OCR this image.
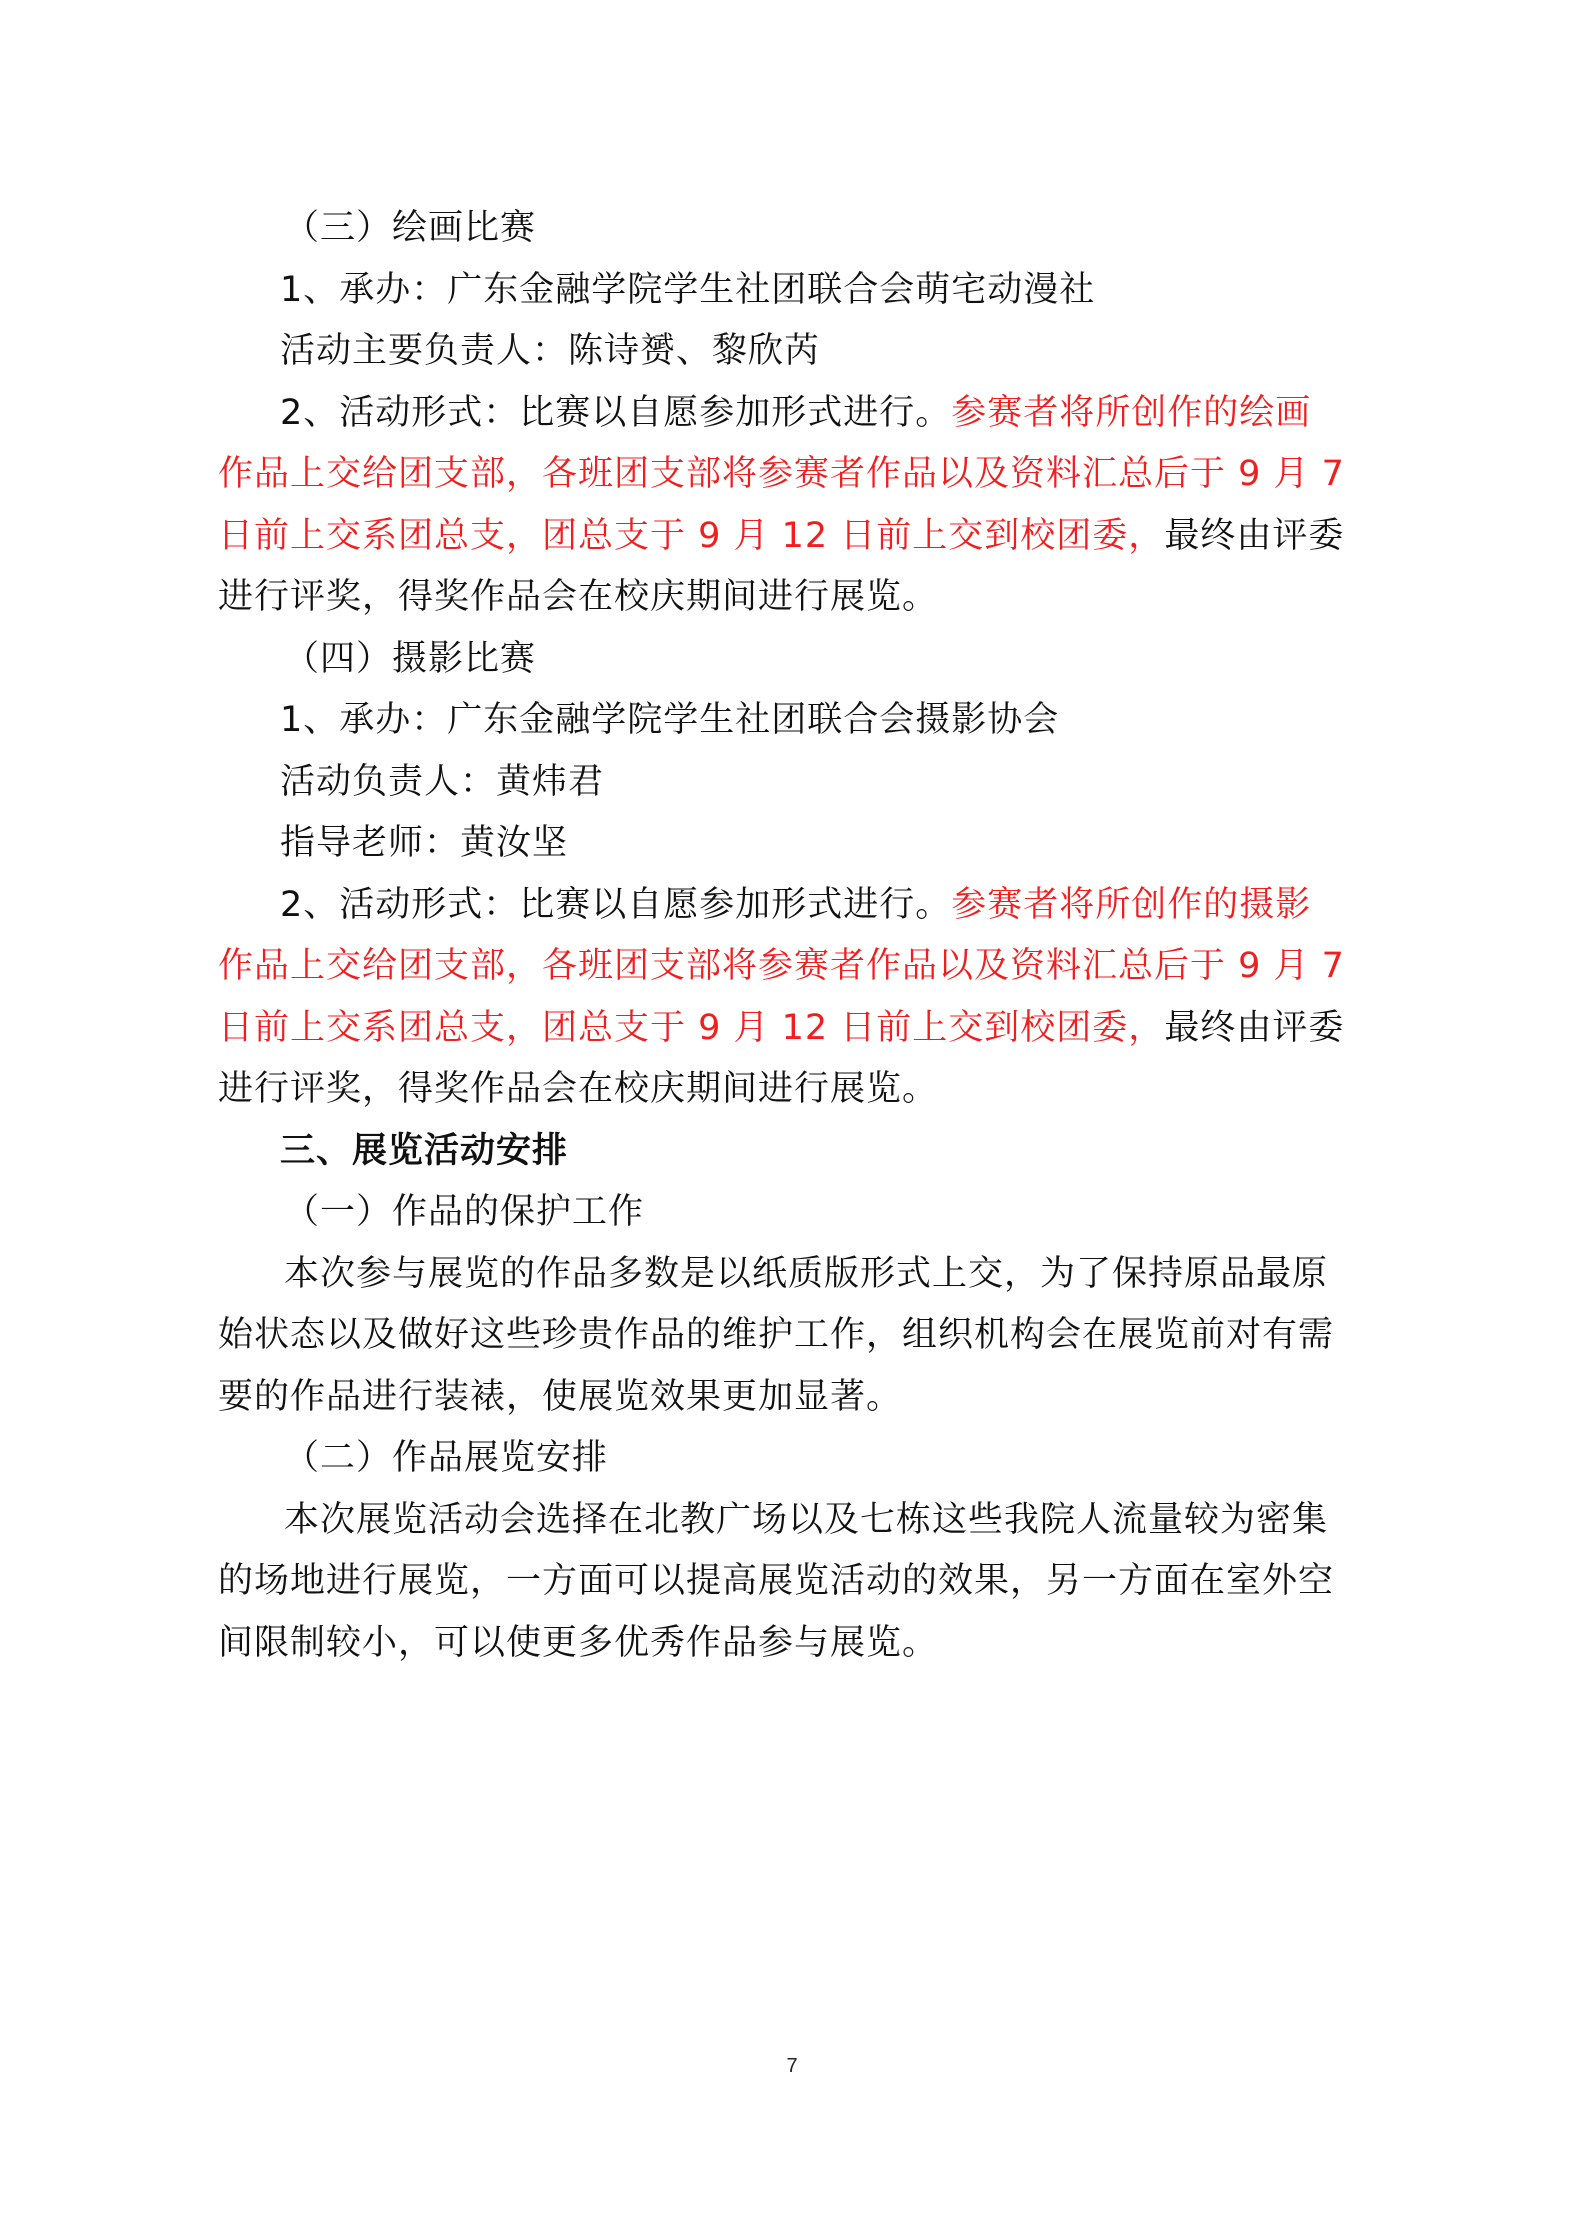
（三）绘画比赛
1、承办：广东金融学院学生社团联合会萌宅动漫社
活动主要负责人：陈诗赟、黎欣芮
2、活动形式：比赛以自愿参加形式进行。参赛者将所创作的绘画
作品上交给团支部，各班团支部将参赛者作品以及资料汇总后于 9 月 7
日前上交系团总支，团总支于 9 月 12 日前上交到校团委，最终由评委
进行评奖，得奖作品会在校庆期间进行展览。
（四）摄影比赛
1、承办：广东金融学院学生社团联合会摄影协会
活动负责人：黄炜君
指导老师：黄汝坚
2、活动形式：比赛以自愿参加形式进行。参赛者将所创作的摄影
作品上交给团支部，各班团支部将参赛者作品以及资料汇总后于 9 月 7
日前上交系团总支，团总支于 9 月 12 日前上交到校团委，最终由评委
进行评奖，得奖作品会在校庆期间进行展览。
三、展览活动安排
（一）作品的保护工作
本次参与展览的作品多数是以纸质版形式上交，为了保持原品最原
始状态以及做好这些珍贵作品的维护工作，组织机构会在展览前对有需
要的作品进行装裱，使展览效果更加显著。
（二）作品展览安排
本次展览活动会选择在北教广场以及七栋这些我院人流量较为密集
的场地进行展览，一方面可以提高展览活动的效果，另一方面在室外空
间限制较小，可以使更多优秀作品参与展览。
7
